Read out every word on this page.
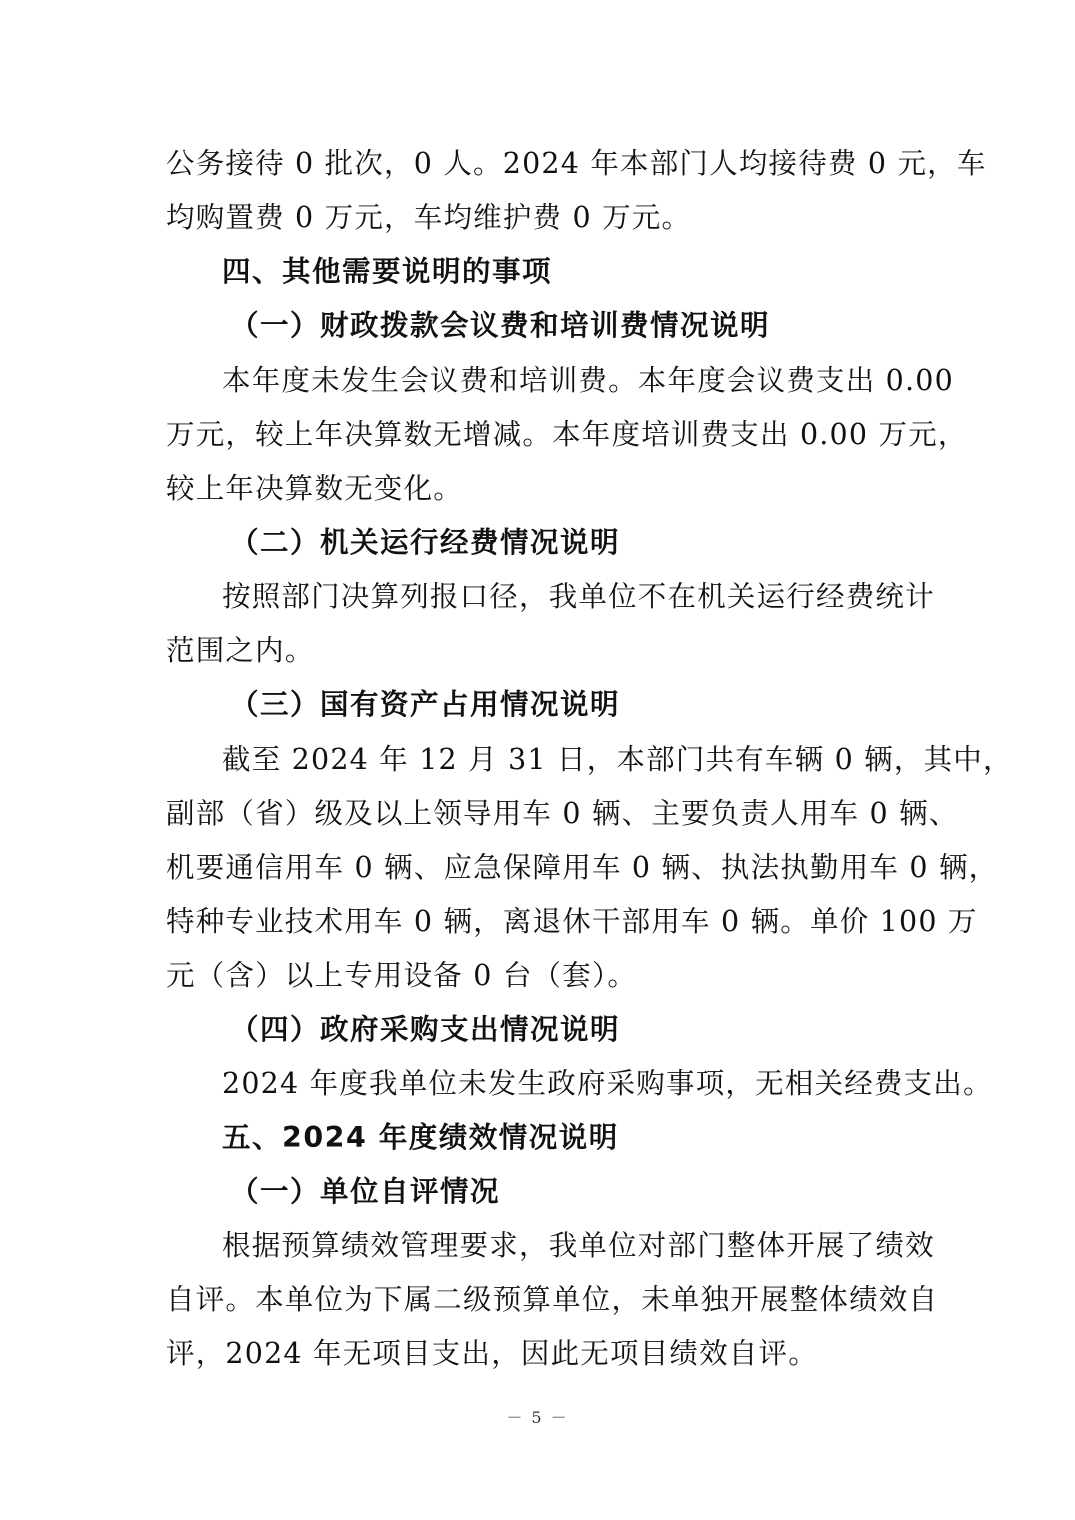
公务接待 0 批次，0 人。2024 年本部门人均接待费 0 元，车
均购置费 0 万元，车均维护费 0 万元。
四、其他需要说明的事项
（一）财政拨款会议费和培训费情况说明
本年度未发生会议费和培训费。本年度会议费支出 0.00
万元，较上年决算数无增减。本年度培训费支出 0.00 万元，
较上年决算数无变化。
（二）机关运行经费情况说明
按照部门决算列报口径，我单位不在机关运行经费统计
范围之内。
（三）国有资产占用情况说明
截至 2024 年 12 月 31 日，本部门共有车辆 0 辆，其中，
副部（省）级及以上领导用车 0 辆、主要负责人用车 0 辆、
机要通信用车 0 辆、应急保障用车 0 辆、执法执勤用车 0 辆，
特种专业技术用车 0 辆，离退休干部用车 0 辆。单价 100 万
元（含）以上专用设备 0 台（套）。
（四）政府采购支出情况说明
2024 年度我单位未发生政府采购事项，无相关经费支出。
五、2024 年度绩效情况说明
（一）单位自评情况
根据预算绩效管理要求，我单位对部门整体开展了绩效
自评。本单位为下属二级预算单位，未单独开展整体绩效自
评，2024 年无项目支出，因此无项目绩效自评。
－ 5 －
